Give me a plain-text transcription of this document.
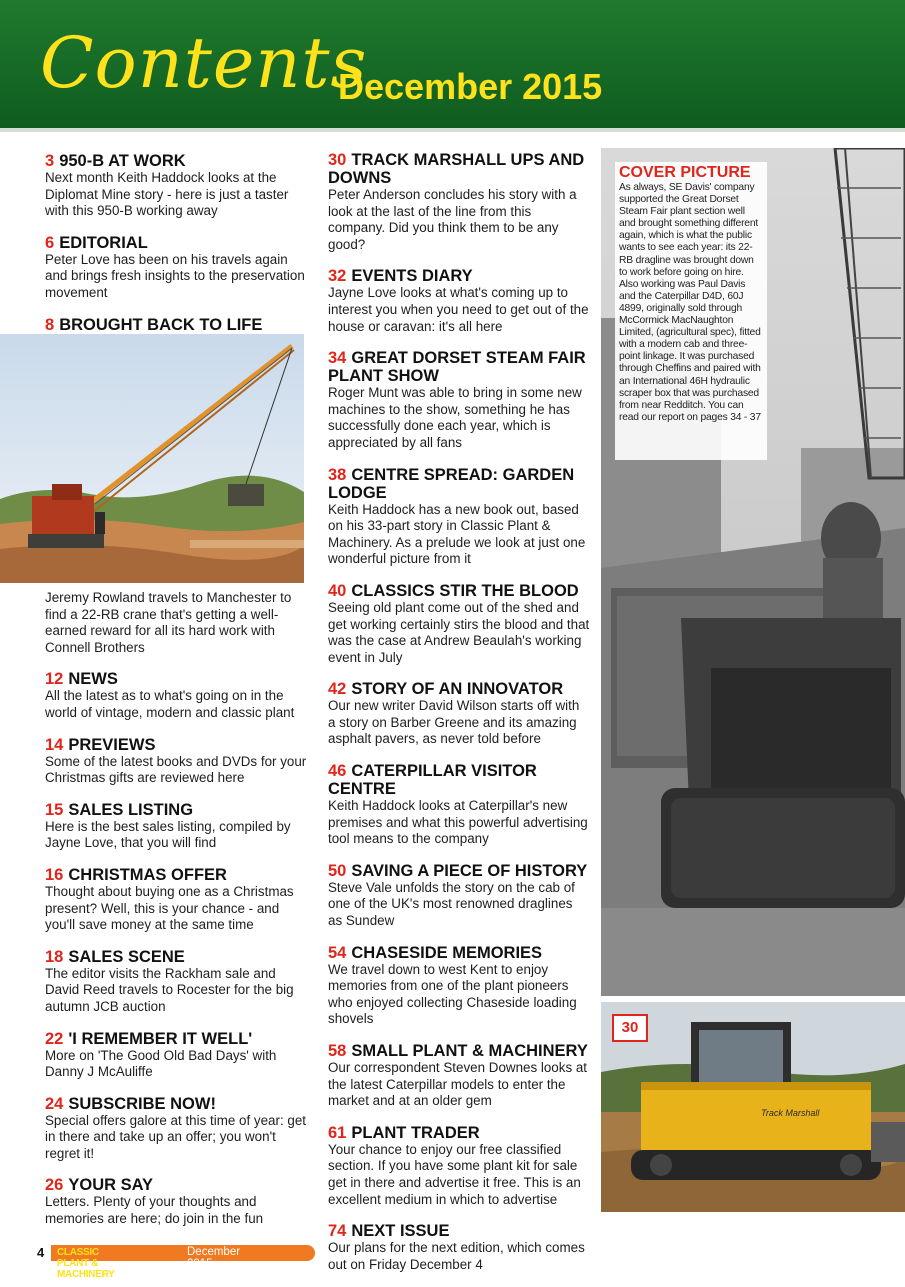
Contents
December 2015
3 950-B AT WORK
Next month Keith Haddock looks at the Diplomat Mine story - here is just a taster with this 950-B working away
6 EDITORIAL
Peter Love has been on his travels again and brings fresh insights to the preservation movement
8 BROUGHT BACK TO LIFE
Jeremy Rowland travels to Manchester to find a 22-RB crane that's getting a well-earned reward for all its hard work with Connell Brothers
12 NEWS
All the latest as to what's going on in the world of vintage, modern and classic plant
14 PREVIEWS
Some of the latest books and DVDs for your Christmas gifts are reviewed here
15 SALES LISTING
Here is the best sales listing, compiled by Jayne Love, that you will find
16 CHRISTMAS OFFER
Thought about buying one as a Christmas present? Well, this is your chance - and you'll save money at the same time
18 SALES SCENE
The editor visits the Rackham sale and David Reed travels to Rocester for the big autumn JCB auction
22 'I REMEMBER IT WELL'
More on 'The Good Old Bad Days' with Danny J McAuliffe
24 SUBSCRIBE NOW!
Special offers galore at this time of year: get in there and take up an offer; you won't regret it!
26 YOUR SAY
Letters. Plenty of your thoughts and memories are here; do join in the fun
30 TRACK MARSHALL UPS AND DOWNS
Peter Anderson concludes his story with a look at the last of the line from this company. Did you think them to be any good?
32 EVENTS DIARY
Jayne Love looks at what's coming up to interest you when you need to get out of the house or caravan: it's all here
34 GREAT DORSET STEAM FAIR PLANT SHOW
Roger Munt was able to bring in some new machines to the show, something he has successfully done each year, which is appreciated by all fans
38 CENTRE SPREAD: GARDEN LODGE
Keith Haddock has a new book out, based on his 33-part story in Classic Plant & Machinery. As a prelude we look at just one wonderful picture from it
40 CLASSICS STIR THE BLOOD
Seeing old plant come out of the shed and get working certainly stirs the blood and that was the case at Andrew Beaulah's working event in July
42 STORY OF AN INNOVATOR
Our new writer David Wilson starts off with a story on Barber Greene and its amazing asphalt pavers, as never told before
46 CATERPILLAR VISITOR CENTRE
Keith Haddock looks at Caterpillar's new premises and what this powerful advertising tool means to the company
50 SAVING A PIECE OF HISTORY
Steve Vale unfolds the story on the cab of one of the UK's most renowned draglines as Sundew
54 CHASESIDE MEMORIES
We travel down to west Kent to enjoy memories from one of the plant pioneers who enjoyed collecting Chaseside loading shovels
58 SMALL PLANT & MACHINERY
Our correspondent Steven Downes looks at the latest Caterpillar models to enter the market and at an older gem
61 PLANT TRADER
Your chance to enjoy our free classified section. If you have some plant kit for sale get in there and advertise it free. This is an excellent medium in which to advertise
74 NEXT ISSUE
Our plans for the next edition, which comes out on Friday December 4
COVER PICTURE
As always, SE Davis' company supported the Great Dorset Steam Fair plant section well and brought something different again, which is what the public wants to see each year: its 22-RB dragline was brought down to work before going on hire. Also working was Paul Davis and the Caterpillar D4D, 60J 4899, originally sold through McCormick MacNaughton Limited, (agricultural spec), fitted with a modern cab and three-point linkage. It was purchased through Cheffins and paired with an International 46H hydraulic scraper box that was purchased from near Redditch. You can read our report on pages 34 - 37
Track Marshall
30
4 CLASSIC PLANT & MACHINERY
December 2015
